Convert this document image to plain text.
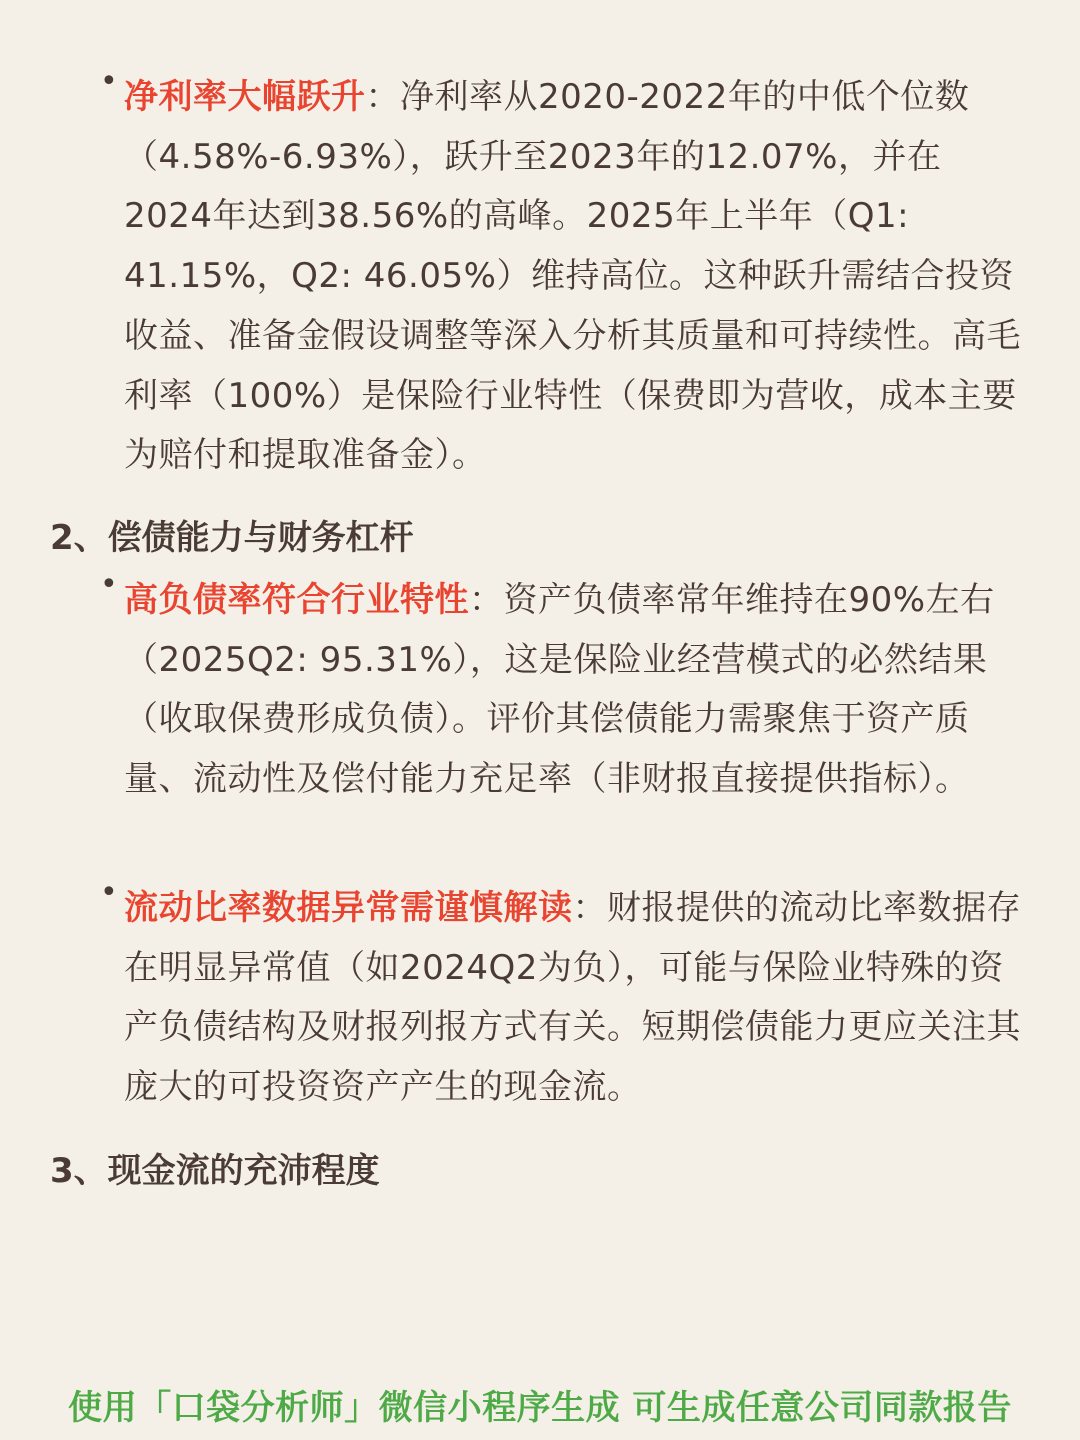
• 净利率大幅跃升：净利率从2020-2022年的中低个位数（4.58%-6.93%），跃升至2023年的12.07%，并在2024年达到38.56%的高峰。2025年上半年（Q1: 41.15%，Q2: 46.05%）维持高位。这种跃升需结合投资收益、准备金假设调整等深入分析其质量和可持续性。高毛利率（100%）是保险行业特性（保费即为营收，成本主要为赔付和提取准备金）。
2、偿债能力与财务杠杆
• 高负债率符合行业特性：资产负债率常年维持在90%左右（2025Q2: 95.31%），这是保险业经营模式的必然结果（收取保费形成负债）。评价其偿债能力需聚焦于资产质量、流动性及偿付能力充足率（非财报直接提供指标）。
• 流动比率数据异常需谨慎解读：财报提供的流动比率数据存在明显异常值（如2024Q2为负），可能与保险业特殊的资产负债结构及财报列报方式有关。短期偿债能力更应关注其庞大的可投资资产产生的现金流。
3、现金流的充沛程度
使用「口袋分析师」微信小程序生成 可生成任意公司同款报告
